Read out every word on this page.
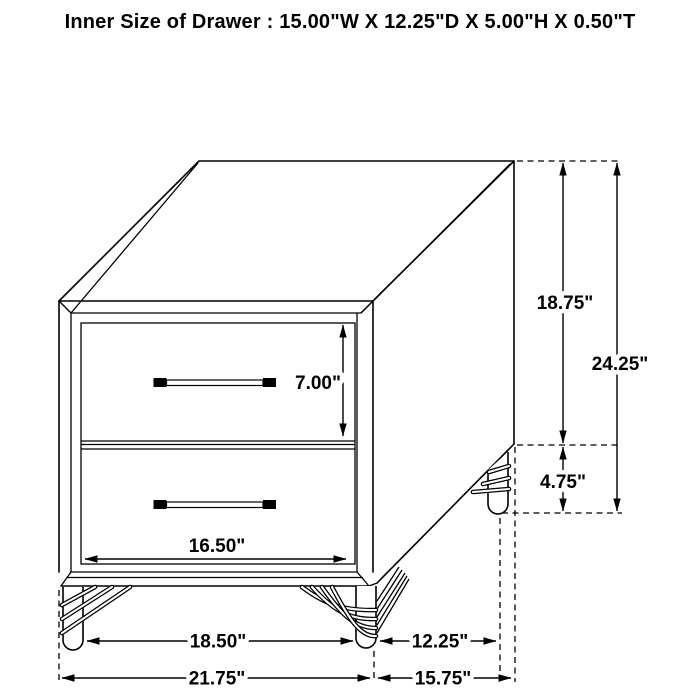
Inner Size of Drawer : 15.00"W X 12.25"D X 5.00"H X 0.50"T
7.00"
16.50"
18.75"
24.25"
4.75"
18.50"	12.25"
21.75"	15.75"
